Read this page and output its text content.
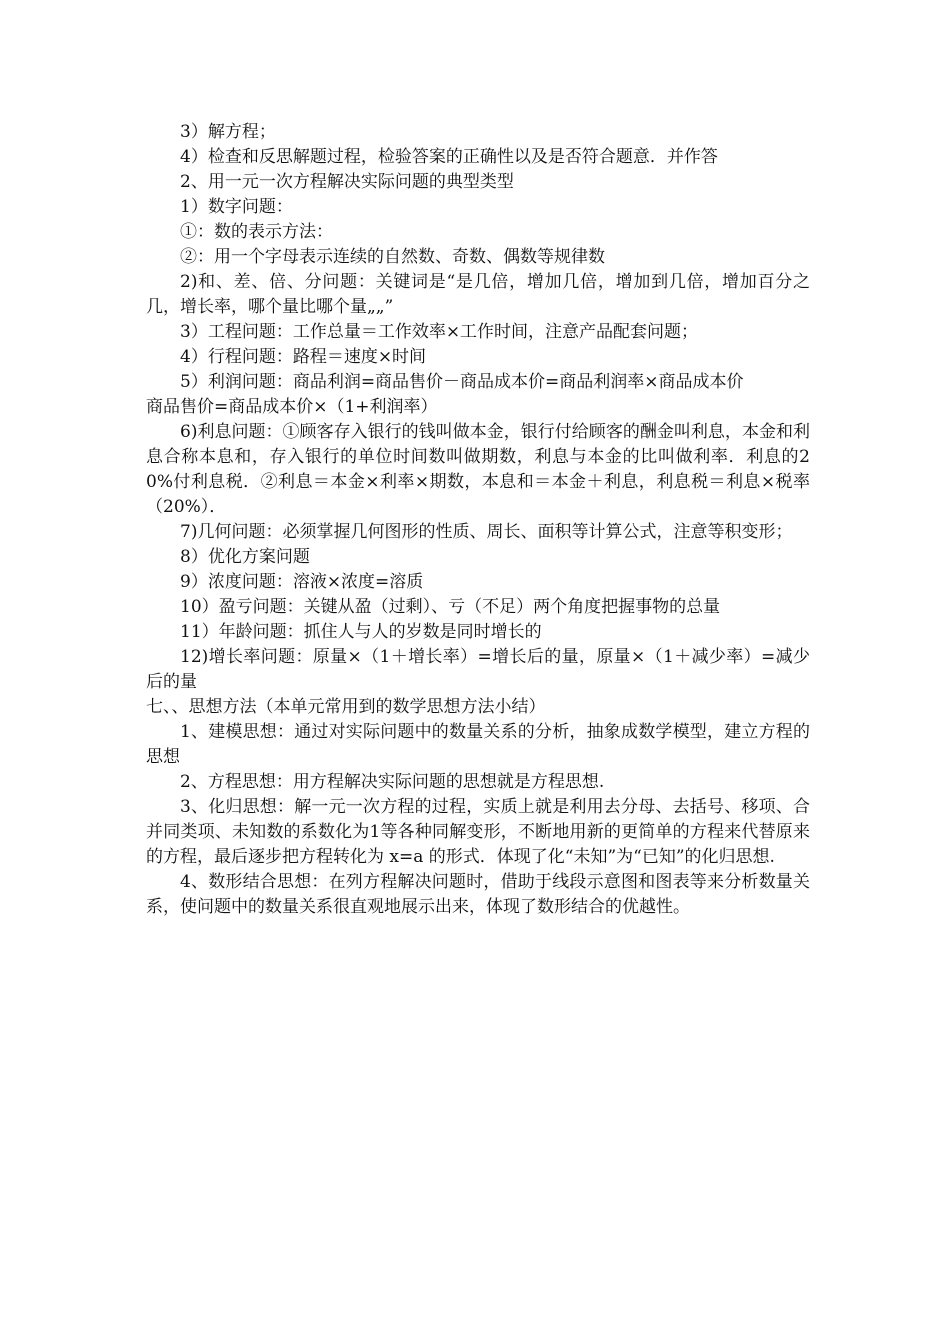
3）解方程；

4）检查和反思解题过程，检验答案的正确性以及是否符合题意．并作答

2、用一元一次方程解决实际问题的典型类型

1）数字问题：

①：数的表示方法：

②：用一个字母表示连续的自然数、奇数、偶数等规律数

2)和、差、倍、分问题：关键词是“是几倍，增加几倍，增加到几倍，增加百分之几，增长率，哪个量比哪个量„„”

3）工程问题：工作总量＝工作效率×工作时间，注意产品配套问题；

4）行程问题：路程＝速度×时间

5）利润问题：商品利润=商品售价－商品成本价=商品利润率×商品成本价

商品售价=商品成本价×（1+利润率）

6)利息问题：①顾客存入银行的钱叫做本金，银行付给顾客的酬金叫利息，本金和利息合称本息和，存入银行的单位时间数叫做期数，利息与本金的比叫做利率．利息的20%付利息税．②利息＝本金×利率×期数，本息和＝本金＋利息，利息税＝利息×税率（20%）．

7)几何问题：必须掌握几何图形的性质、周长、面积等计算公式，注意等积变形；

8）优化方案问题

9）浓度问题：溶液×浓度=溶质

10）盈亏问题：关键从盈（过剩）、亏（不足）两个角度把握事物的总量

11）年龄问题：抓住人与人的岁数是同时增长的

12)增长率问题：原量×（1＋增长率）=增长后的量，原量×（1＋减少率）=减少后的量

七、、思想方法（本单元常用到的数学思想方法小结）

1、建模思想：通过对实际问题中的数量关系的分析，抽象成数学模型，建立方程的思想

2、方程思想：用方程解决实际问题的思想就是方程思想.

3、化归思想：解一元一次方程的过程，实质上就是利用去分母、去括号、移项、合并同类项、未知数的系数化为1等各种同解变形，不断地用新的更简单的方程来代替原来的方程，最后逐步把方程转化为 x=a 的形式．体现了化“未知”为“已知”的化归思想.

4、数形结合思想：在列方程解决问题时，借助于线段示意图和图表等来分析数量关系，使问题中的数量关系很直观地展示出来，体现了数形结合的优越性。
